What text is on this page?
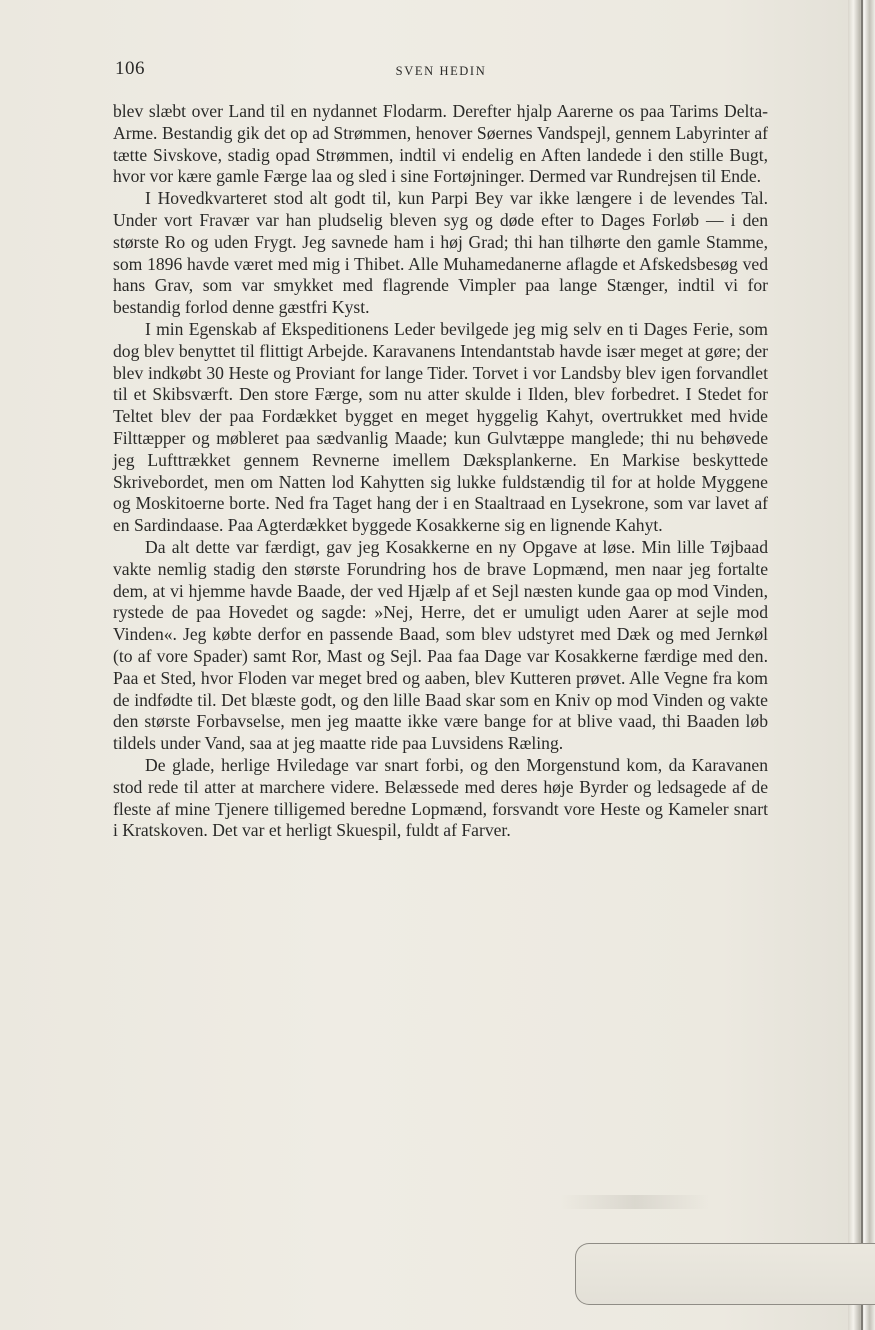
106	SVEN HEDIN

blev slæbt over Land til en nydannet Flodarm. Derefter hjalp Aarerne os paa Tarims Delta-Arme. Bestandig gik det op ad Strømmen, henover Søernes Vandspejl, gennem Labyrinter af tætte Sivskove, stadig opad Strømmen, indtil vi endelig en Aften landede i den stille Bugt, hvor vor kære gamle Færge laa og sled i sine Fortøjninger. Dermed var Rundrejsen til Ende.

I Hovedkvarteret stod alt godt til, kun Parpi Bey var ikke længere i de levendes Tal. Under vort Fravær var han pludselig bleven syg og døde efter to Dages Forløb — i den største Ro og uden Frygt. Jeg savnede ham i høj Grad; thi han tilhørte den gamle Stamme, som 1896 havde været med mig i Thibet. Alle Muhamedanerne aflagde et Afskedsbesøg ved hans Grav, som var smykket med flagrende Vimpler paa lange Stænger, indtil vi for bestandig forlod denne gæstfri Kyst.

I min Egenskab af Ekspeditionens Leder bevilgede jeg mig selv en ti Dages Ferie, som dog blev benyttet til flittigt Arbejde. Karavanens Intendantstab havde især meget at gøre; der blev indkøbt 30 Heste og Proviant for lange Tider. Torvet i vor Landsby blev igen forvandlet til et Skibsværft. Den store Færge, som nu atter skulde i Ilden, blev forbedret. I Stedet for Teltet blev der paa Fordækket bygget en meget hyggelig Kahyt, overtrukket med hvide Filttæpper og møbleret paa sædvanlig Maade; kun Gulvtæppe manglede; thi nu behøvede jeg Lufttrækket gennem Revnerne imellem Dæksplankerne. En Markise beskyttede Skrivebordet, men om Natten lod Kahytten sig lukke fuldstændig til for at holde Myggene og Moskitoerne borte. Ned fra Taget hang der i en Staaltraad en Lysekrone, som var lavet af en Sardindaase. Paa Agterdækket byggede Kosakkerne sig en lignende Kahyt.

Da alt dette var færdigt, gav jeg Kosakkerne en ny Opgave at løse. Min lille Tøjbaad vakte nemlig stadig den største Forundring hos de brave Lopmænd, men naar jeg fortalte dem, at vi hjemme havde Baade, der ved Hjælp af et Sejl næsten kunde gaa op mod Vinden, rystede de paa Hovedet og sagde: »Nej, Herre, det er umuligt uden Aarer at sejle mod Vinden«. Jeg købte derfor en passende Baad, som blev udstyret med Dæk og med Jernkøl (to af vore Spader) samt Ror, Mast og Sejl. Paa faa Dage var Kosakkerne færdige med den. Paa et Sted, hvor Floden var meget bred og aaben, blev Kutteren prøvet. Alle Vegne fra kom de indfødte til. Det blæste godt, og den lille Baad skar som en Kniv op mod Vinden og vakte den største Forbavselse, men jeg maatte ikke være bange for at blive vaad, thi Baaden løb tildels under Vand, saa at jeg maatte ride paa Luvsidens Ræling.

De glade, herlige Hviledage var snart forbi, og den Morgenstund kom, da Karavanen stod rede til atter at marchere videre. Belæssede med deres høje Byrder og ledsagede af de fleste af mine Tjenere tilligemed beredne Lopmænd, forsvandt vore Heste og Kameler snart i Kratskoven. Det var et herligt Skuespil, fuldt af Farver.
